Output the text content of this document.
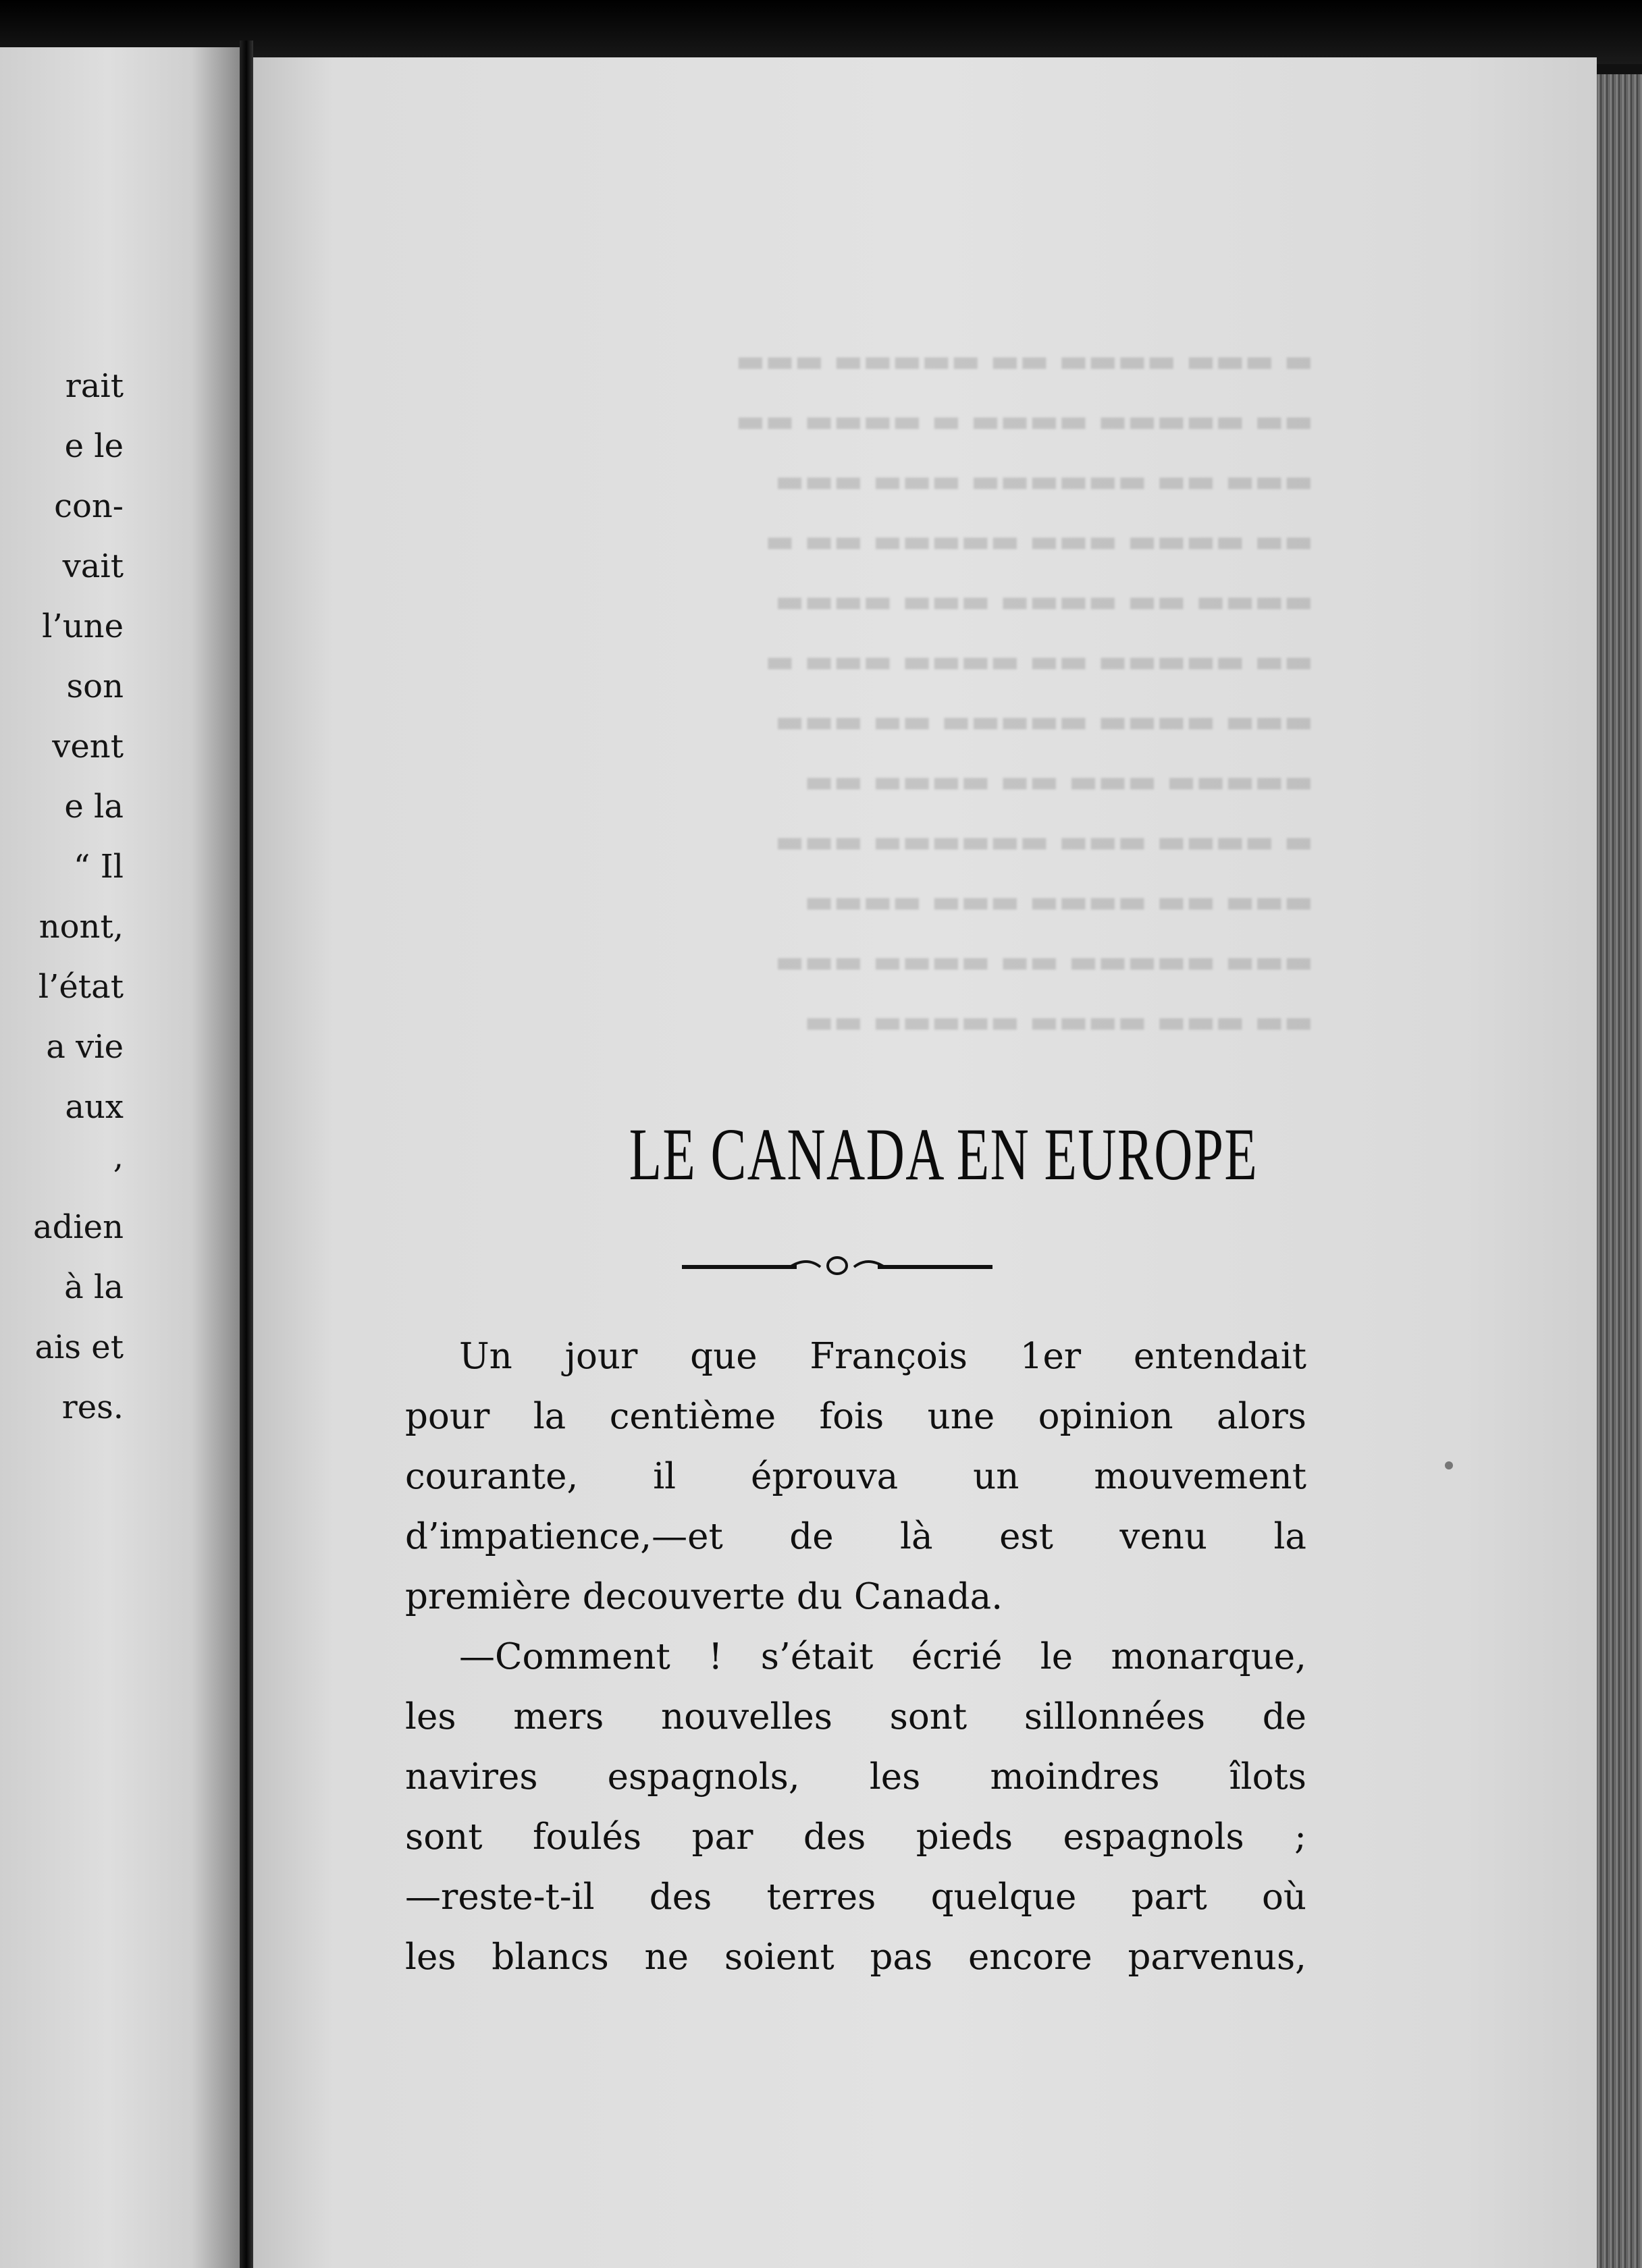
rait
e le
con-
vait
l’une
son
vent
e la
“ Il
nont,
l’état
a vie
aux
,
adien
à la
ais et
res.
▬ ▬▬▬ ▬▬▬▬ ▬▬ ▬▬▬▬▬ ▬▬▬
▬▬ ▬▬▬▬▬ ▬▬▬▬ ▬ ▬▬▬▬ ▬▬
▬▬▬ ▬▬ ▬▬▬▬▬▬ ▬▬▬ ▬▬▬
▬▬ ▬▬▬▬ ▬▬▬ ▬▬▬▬▬ ▬▬ ▬
▬▬▬▬ ▬▬ ▬▬▬▬ ▬▬▬ ▬▬▬▬
▬▬ ▬▬▬▬▬ ▬▬ ▬▬▬▬ ▬▬▬ ▬
▬▬▬ ▬▬▬▬ ▬▬▬▬▬ ▬▬ ▬▬▬
▬▬▬▬▬ ▬▬▬ ▬▬ ▬▬▬▬ ▬▬
▬ ▬▬▬▬ ▬▬▬ ▬▬▬▬▬▬ ▬▬▬
▬▬▬ ▬▬ ▬▬▬▬ ▬▬▬ ▬▬▬▬
▬▬▬ ▬▬▬▬▬ ▬▬ ▬▬▬▬ ▬▬▬
▬▬ ▬▬▬ ▬▬▬▬ ▬▬▬▬▬ ▬▬
LE CANADA EN EUROPE
Un jour que François 1er entendait
pour la centième fois une opinion alors
courante, il éprouva un mouvement
d’impatience,—et de là est venu la
première decouverte du Canada.
—Comment ! s’était écrié le monarque,
les mers nouvelles sont sillonnées de
navires espagnols, les moindres îlots
sont foulés par des pieds espagnols ;
—reste-t-il des terres quelque part où
les blancs ne soient pas encore parvenus,
